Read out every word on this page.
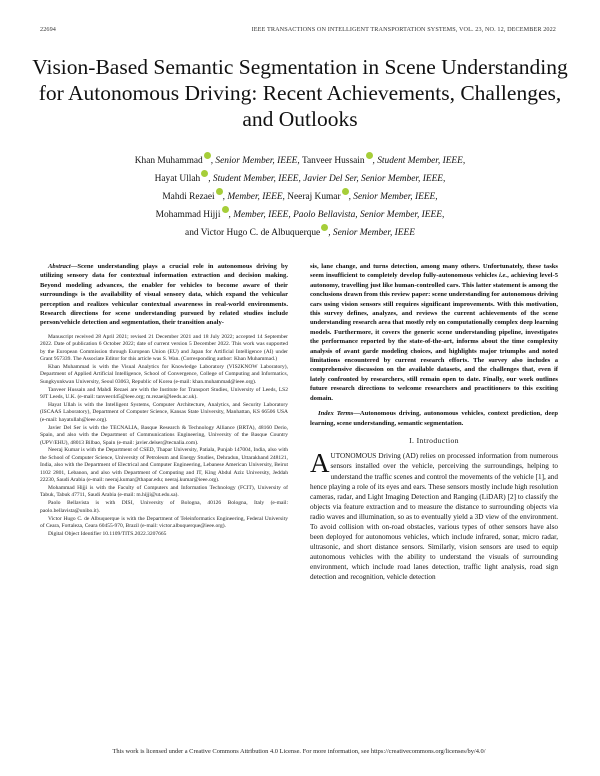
22694	IEEE TRANSACTIONS ON INTELLIGENT TRANSPORTATION SYSTEMS, VOL. 23, NO. 12, DECEMBER 2022
Vision-Based Semantic Segmentation in Scene Understanding for Autonomous Driving: Recent Achievements, Challenges, and Outlooks
Khan Muhammad , Senior Member, IEEE, Tanveer Hussain , Student Member, IEEE,
Hayat Ullah , Student Member, IEEE, Javier Del Ser, Senior Member, IEEE,
Mahdi Rezaei , Member, IEEE, Neeraj Kumar , Senior Member, IEEE,
Mohammad Hijji , Member, IEEE, Paolo Bellavista, Senior Member, IEEE,
and Victor Hugo C. de Albuquerque , Senior Member, IEEE

Abstract—Scene understanding plays a crucial role in autonomous driving by utilizing sensory data for contextual information extraction and decision making. Beyond modeling advances, the enabler for vehicles to become aware of their surroundings is the availability of visual sensory data, which expand the vehicular perception and realizes vehicular contextual awareness in real-world environments. Research directions for scene understanding pursued by related studies include person/vehicle detection and segmentation, their transition analy-

Manuscript received 28 April 2021; revised 21 December 2021 and 18 July 2022; accepted 14 September 2022. Date of publication 6 October 2022; date of current version 5 December 2022. This work was supported by the European Commission through European Union (EU) and Japan for Artificial Intelligence (AI) under Grant 957339. The Associate Editor for this article was S. Wan. (Corresponding author: Khan Muhammad.)

Khan Muhammad is with the Visual Analytics for Knowledge Laboratory (VIS2KNOW Laboratory), Department of Applied Artificial Intelligence, School of Convergence, College of Computing and Informatics, Sungkyunkwan University, Seoul 03063, Republic of Korea (e-mail: khan.muhammad@ieee.org).

Tanveer Hussain and Mahdi Rezaei are with the Institute for Transport Studies, University of Leeds, LS2 9JT Leeds, U.K. (e-mail: tanveer445@ieee.org; m.rezaei@leeds.ac.uk).

Hayat Ullah is with the Intelligent Systems, Computer Architecture, Analytics, and Security Laboratory (ISCAAS Laboratory), Department of Computer Science, Kansas State University, Manhattan, KS 66506 USA (e-mail: hayatullah@ieee.org).

Javier Del Ser is with the TECNALIA, Basque Research & Technology Alliance (BRTA), 48160 Derio, Spain, and also with the Department of Communications Engineering, University of the Basque Country (UPV/EHU), 48013 Bilbao, Spain (e-mail: javier.delser@tecnalia.com).

Neeraj Kumar is with the Department of CSED, Thapar University, Patiala, Punjab 147004, India, also with the School of Computer Science, University of Petroleum and Energy Studies, Dehradun, Uttarakhand 248121, India, also with the Department of Electrical and Computer Engineering, Lebanese American University, Beirut 1102 2801, Lebanon, and also with Department of Computing and IT, King Abdul Aziz University, Jeddah 22230, Saudi Arabia (e-mail: neeraj.kumar@thapar.edu; neeraj.kumar@ieee.org).

Mohammad Hijji is with the Faculty of Computers and Information Technology (FCIT), University of Tabuk, Tabuk 47711, Saudi Arabia (e-mail: m.hijji@ut.edu.sa).

Paolo Bellavista is with DISI, University of Bologna, 40126 Bologna, Italy (e-mail: paolo.bellavista@unibo.it).

Victor Hugo C. de Albuquerque is with the Department of Teleinformatics Engineering, Federal University of Ceara, Fortaleza, Ceara 60455-970, Brazil (e-mail: victor.albuquerque@ieee.org).

Digital Object Identifier 10.1109/TITS.2022.3207665

sis, lane change, and turns detection, among many others. Unfortunately, these tasks seem insufficient to completely develop fully-autonomous vehicles i.e., achieving level-5 autonomy, travelling just like human-controlled cars. This latter statement is among the conclusions drawn from this review paper: scene understanding for autonomous driving cars using vision sensors still requires significant improvements. With this motivation, this survey defines, analyzes, and reviews the current achievements of the scene understanding research area that mostly rely on computationally complex deep learning models. Furthermore, it covers the generic scene understanding pipeline, investigates the performance reported by the state-of-the-art, informs about the time complexity analysis of avant garde modeling choices, and highlights major triumphs and noted limitations encountered by current research efforts. The survey also includes a comprehensive discussion on the available datasets, and the challenges that, even if lately confronted by researchers, still remain open to date. Finally, our work outlines future research directions to welcome researchers and practitioners to this exciting domain.

Index Terms—Autonomous driving, autonomous vehicles, context prediction, deep learning, scene understanding, semantic segmentation.

I. Introduction

AUTONOMOUS Driving (AD) relies on processed information from numerous sensors installed over the vehicle, perceiving the surroundings, helping to understand the traffic scenes and control the movements of the vehicle [1], and hence playing a role of its eyes and ears. These sensors mostly include high resolution cameras, radar, and Light Imaging Detection and Ranging (LiDAR) [2] to classify the objects via feature extraction and to measure the distance to surrounding objects via radio waves and illumination, so as to eventually yield a 3D view of the environment. To avoid collision with on-road obstacles, various types of other sensors have also been deployed for autonomous vehicles, which include infrared, sonar, micro radar, ultrasonic, and short distance sensors. Similarly, vision sensors are used to equip autonomous vehicles with the ability to understand the visuals of surrounding environment, which include road lanes detection, traffic light analysis, road sign detection and recognition, vehicle detection

This work is licensed under a Creative Commons Attribution 4.0 License. For more information, see https://creativecommons.org/licenses/by/4.0/
